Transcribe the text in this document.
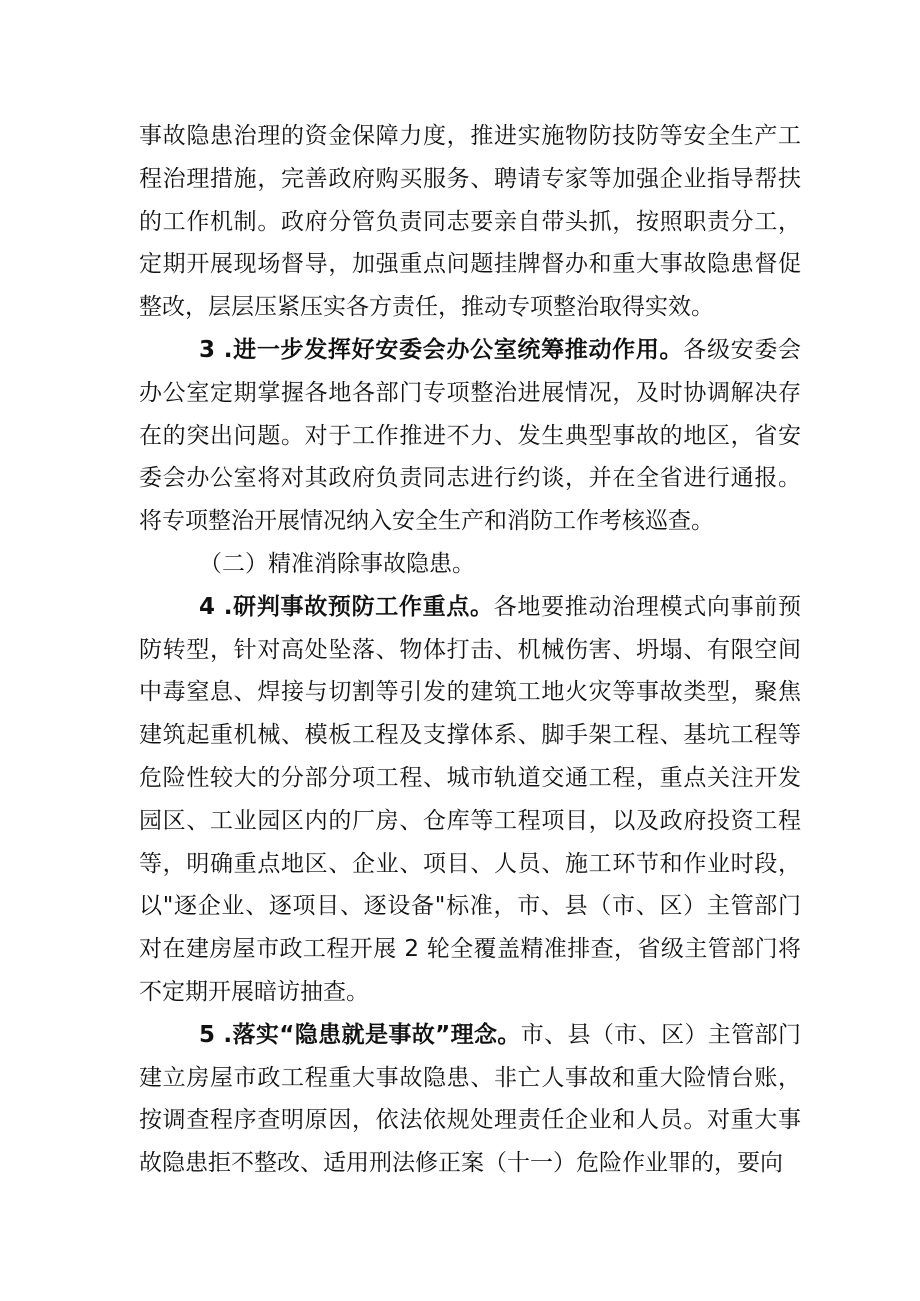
事故隐患治理的资金保障力度，推进实施物防技防等安全生产工程治理措施，完善政府购买服务、聘请专家等加强企业指导帮扶的工作机制。政府分管负责同志要亲自带头抓，按照职责分工，定期开展现场督导，加强重点问题挂牌督办和重大事故隐患督促整改，层层压紧压实各方责任，推动专项整治取得实效。

3 .进一步发挥好安委会办公室统筹推动作用。各级安委会办公室定期掌握各地各部门专项整治进展情况，及时协调解决存在的突出问题。对于工作推进不力、发生典型事故的地区，省安委会办公室将对其政府负责同志进行约谈，并在全省进行通报。将专项整治开展情况纳入安全生产和消防工作考核巡查。

（二）精准消除事故隐患。

4 .研判事故预防工作重点。各地要推动治理模式向事前预防转型，针对高处坠落、物体打击、机械伤害、坍塌、有限空间中毒窒息、焊接与切割等引发的建筑工地火灾等事故类型，聚焦建筑起重机械、模板工程及支撑体系、脚手架工程、基坑工程等危险性较大的分部分项工程、城市轨道交通工程，重点关注开发园区、工业园区内的厂房、仓库等工程项目，以及政府投资工程等，明确重点地区、企业、项目、人员、施工环节和作业时段，以"逐企业、逐项目、逐设备"标准，市、县（市、区）主管部门对在建房屋市政工程开展 2 轮全覆盖精准排查，省级主管部门将不定期开展暗访抽查。

5 .落实“隐患就是事故”理念。市、县（市、区）主管部门建立房屋市政工程重大事故隐患、非亡人事故和重大险情台账，按调查程序查明原因，依法依规处理责任企业和人员。对重大事故隐患拒不整改、适用刑法修正案（十一）危险作业罪的，要向
